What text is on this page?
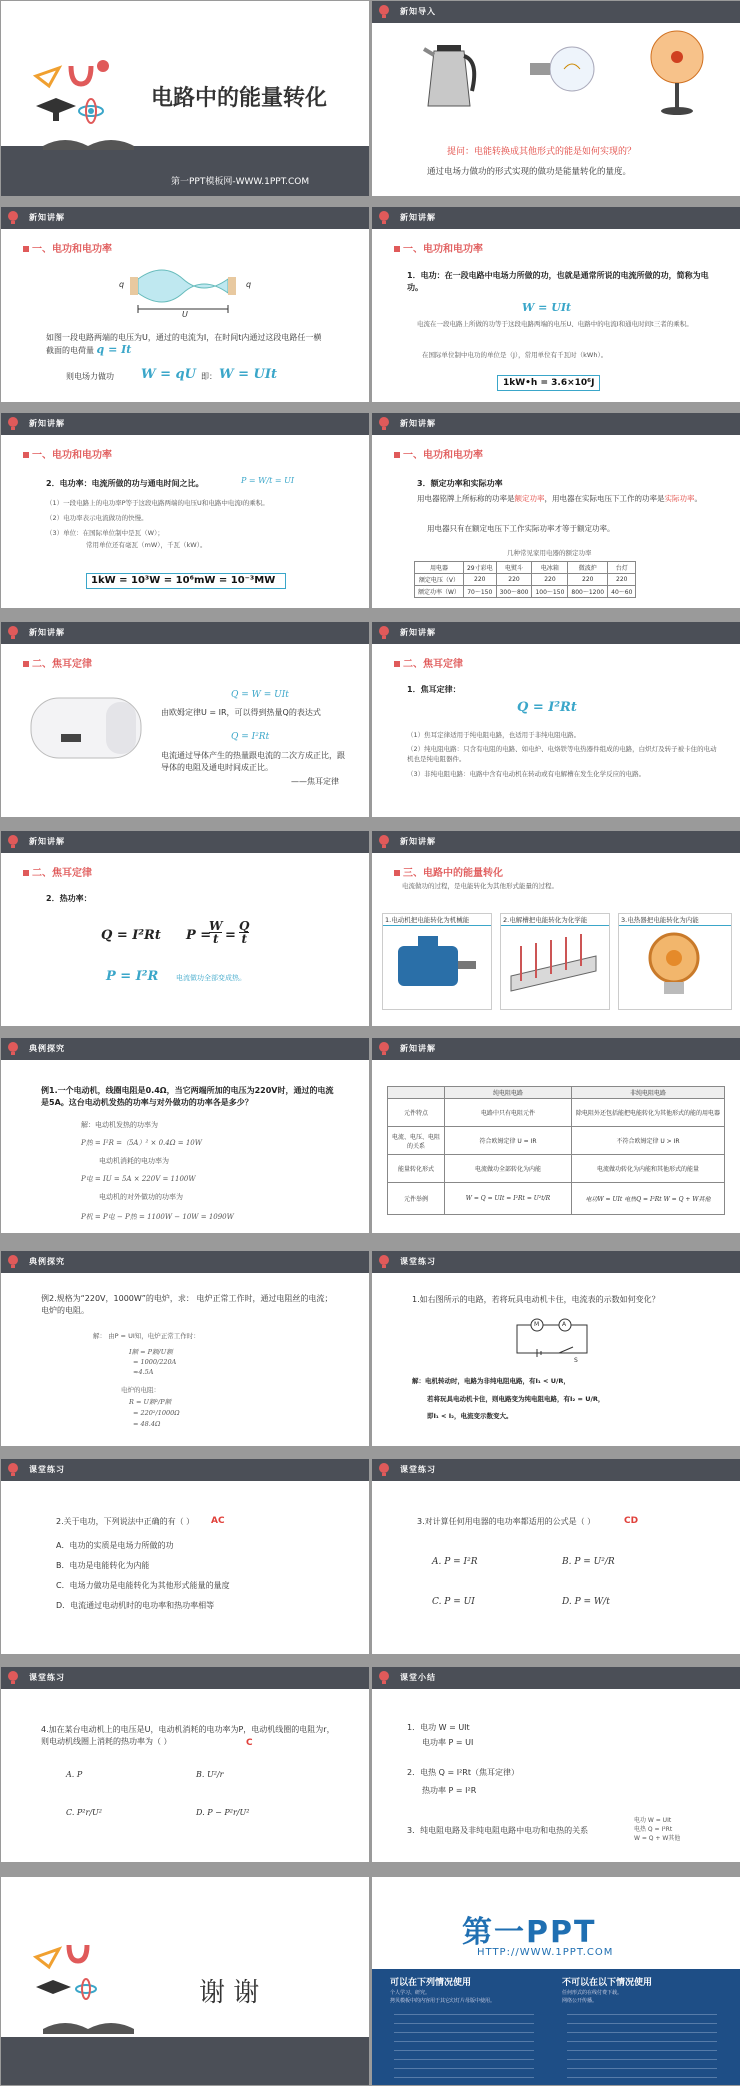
电路中的能量转化
第一PPT模板网-WWW.1PPT.COM
新知导入
提问：电能转换成其他形式的能是如何实现的？
通过电场力做功的形式实现的做功是能量转化的量度。
新知讲解
一、电功和电功率
U
q	q
如图一段电路两端的电压为U，通过的电流为I，在时间t内通过这段电路任一横截面的电荷量 q = It
则电场力做功 W = qU 即： W = UIt
新知讲解
一、电功和电功率
1．电功：在一段电路中电场力所做的功，也就是通常所说的电流所做的功，简称为电功。
W = UIt
电流在一段电路上所做的功等于这段电路两端的电压U、电路中的电流I和通电时间t三者的乘积。
在国际单位制中电功的单位是（J），常用单位有千瓦时（kWh）。
1kW•h = 3.6×10⁶J
新知讲解
一、电功和电功率
2．电功率：电流所做的功与通电时间之比。	P = W/t = UI
（1）一段电路上的电功率P等于这段电路两端的电压U和电路中电流I的乘积。
（2）电功率表示电流做功的快慢。
（3）单位：在国际单位制中是瓦（W）；
常用单位还有毫瓦（mW），千瓦（kW）。
1kW = 10³W = 10⁶mW = 10⁻³MW
新知讲解
一、电功和电功率
3．额定功率和实际功率
用电器铭牌上所标称的功率是额定功率，用电器在实际电压下工作的功率是实际功率。
用电器只有在额定电压下工作实际功率才等于额定功率。
几种常见家用电器的额定功率
用电器	29寸彩电	电熨斗	电冰箱	微波炉	台灯
额定电压（V）	220	220	220	220	220
额定功率（W）	70～150	300～800	100～150	800～1200	40～60
新知讲解
二、焦耳定律
Q = W = UIt
由欧姆定律U = IR，可以得到热量Q的表达式
Q = I²Rt
电流通过导体产生的热量跟电流的二次方成正比，跟导体的电阻及通电时间成正比。
——焦耳定律
新知讲解
二、焦耳定律
1．焦耳定律：
Q = I²Rt
（1）焦耳定律适用于纯电阻电路，也适用于非纯电阻电路。
（2）纯电阻电路：只含有电阻的电路、如电炉、电烙铁等电热器件组成的电路，白炽灯及转子被卡住的电动机也是纯电阻器件。
（3）非纯电阻电路：电路中含有电动机在转动或有电解槽在发生化学反应的电路。
新知讲解
二、焦耳定律
2．热功率：
Q = I²Rt P =
W

t =
Q

t
P = I²R	电流做功全部变成热。
新知讲解
三、电路中的能量转化
电流做功的过程，是电能转化为其他形式能量的过程。
1.电动机把电能转化为机械能	2.电解槽把电能转化为化学能	3.电热器把电能转化为内能
典例探究
例1.一个电动机，线圈电阻是0.4Ω，当它两端所加的电压为220V时，通过的电流是5A。这台电动机发热的功率与对外做功的功率各是多少？
解：电动机发热的功率为
P热 = I²R =（5A）² × 0.4Ω = 10W
电动机消耗的电功率为
P电 = IU = 5A × 220V = 1100W
电动机的对外做功的功率为
P机 = P电 − P热 = 1100W − 10W = 1090W
新知讲解
	纯电阻电路	非纯电阻电路
元件特点	电路中只有电阻元件	除电阻外还包括能把电能转化为其他形式的能的用电器
电流、电压、电阻的关系	符合欧姆定律 U = IR	不符合欧姆定律 U > IR
能量转化形式	电流做功全部转化为内能	电流做功转化为内能和其他形式的能量
元件举例	W = Q = UIt = I²Rt = U²t/R	电功W = UIt 电热Q = I²Rt W = Q + W其他
典例探究
例2.规格为“220V，1000W”的电炉，求： 电炉正常工作时，通过电阻丝的电流； 电炉的电阻。
解： 由P = UI知，电炉正常工作时：
I额 = P额/U额
= 1000/220A
≈4.5A
电炉的电阻：
R = U额²/P额
= 220²/1000Ω
= 48.4Ω
课堂练习
1.如右图所示的电路，若将玩具电动机卡住，电流表的示数如何变化？
M	A
S
解：电机转动时，电路为非纯电阻电路，有I₁ < U/R，
若将玩具电动机卡住，则电路变为纯电阻电路，有I₂ = U/R，
即I₁ < I₂，电流变示数变大。
课堂练习
2.关于电功，下列说法中正确的有（ ） AC
A．电功的实质是电场力所做的功
B．电功是电能转化为内能
C．电场力做功是电能转化为其他形式能量的量度
D．电流通过电动机时的电功率和热功率相等
课堂练习
3.对计算任何用电器的电功率都适用的公式是（ ）	CD
A. P = I²R	B. P = U²/R
C. P = UI	D. P = W/t
课堂练习
4.加在某台电动机上的电压是U，电动机消耗的电功率为P，电动机线圈的电阻为r，则电动机线圈上消耗的热功率为（ ）	C
A. P	B. U²/r
C. P²r/U²	D. P − P²r/U²
课堂小结
1．电功 W = UIt
电功率 P = UI
2．电热 Q = I²Rt（焦耳定律）
热功率 P = I²R
3．纯电阻电路及非纯电阻电路中电功和电热的关系
电功 W = UIt
电热 Q = I²Rt
W = Q + W其他
谢 谢
第一PPT
HTTP://WWW.1PPT.COM
可以在下列情况使用	不可以在以下情况使用
个人学习、研究。
拷贝模板中的内容用于其它幻灯片母版中使用。
任何形式的在线付费下载。
网络公开传播。
